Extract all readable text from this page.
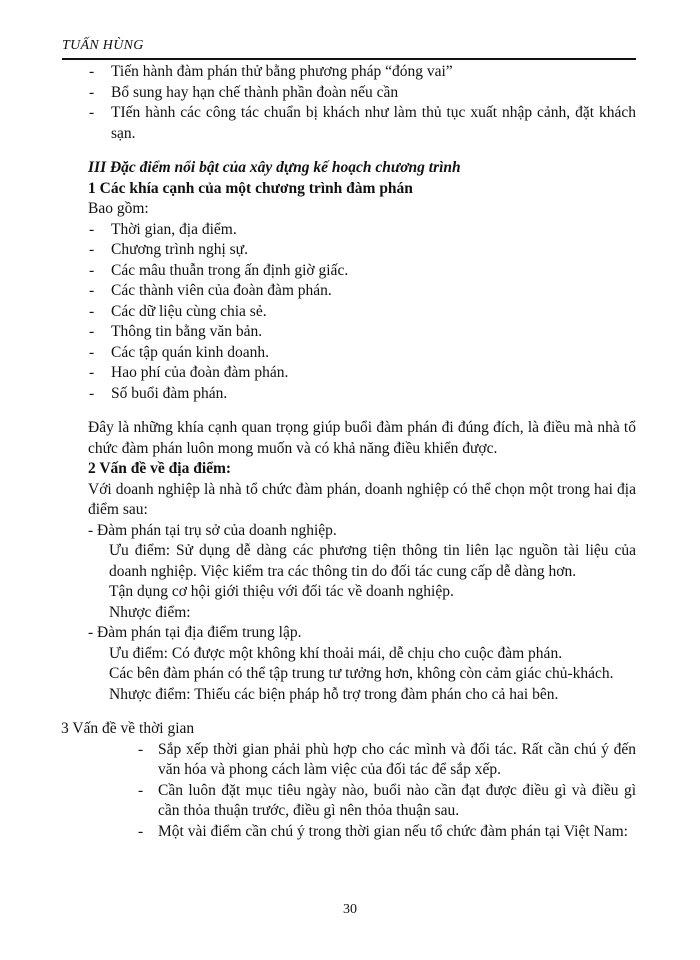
TUẤN HÙNG
- Tiến hành đàm phán thử bằng phương pháp “đóng vai”
- Bổ sung hay hạn chế thành phần đoàn nếu cần
- TIến hành các công tác chuẩn bị khách như làm thủ tục xuất nhập cảnh, đặt khách sạn.
III Đặc điểm nổi bật của xây dựng kế hoạch chương trình
1 Các khía cạnh của một chương trình đàm phán
Bao gồm:
- Thời gian, địa điểm.
- Chương trình nghị sự.
- Các mâu thuẫn trong ấn định giờ giấc.
- Các thành viên của đoàn đàm phán.
- Các dữ liệu cùng chia sẻ.
- Thông tin bằng văn bản.
- Các tập quán kinh doanh.
- Hao phí của đoàn đàm phán.
- Số buổi đàm phán.
Đây là những khía cạnh quan trọng giúp buổi đàm phán đi đúng đích, là điều mà nhà tổ chức đàm phán luôn mong muốn và có khả năng điều khiển được.
2 Vấn đề về địa điểm:
Với doanh nghiệp là nhà tổ chức đàm phán, doanh nghiệp có thể chọn một trong hai địa điểm sau:
- Đàm phán tại trụ sở của doanh nghiệp.
Ưu điểm: Sử dụng dễ dàng các phương tiện thông tin liên lạc nguồn tài liệu của doanh nghiệp. Việc kiểm tra các thông tin do đối tác cung cấp dễ dàng hơn.
Tận dụng cơ hội giới thiệu với đối tác về doanh nghiệp.
Nhược điểm:
- Đàm phán tại địa điểm trung lập.
Ưu điểm: Có được một không khí thoải mái, dễ chịu cho cuộc đàm phán.
Các bên đàm phán có thể tập trung tư tưởng hơn, không còn cảm giác chủ-khách.
Nhược điểm: Thiếu các biện pháp hỗ trợ trong đàm phán cho cả hai bên.
3 Vấn đề về thời gian
- Sắp xếp thời gian phải phù hợp cho các mình và đối tác. Rất cần chú ý đến văn hóa và phong cách làm việc của đối tác để sắp xếp.
- Cần luôn đặt mục tiêu ngày nào, buổi nào cần đạt được điều gì và điều gì cần thỏa thuận trước, điều gì nên thỏa thuận sau.
- Một vài điểm cần chú ý trong thời gian nếu tổ chức đàm phán tại Việt Nam:
30
